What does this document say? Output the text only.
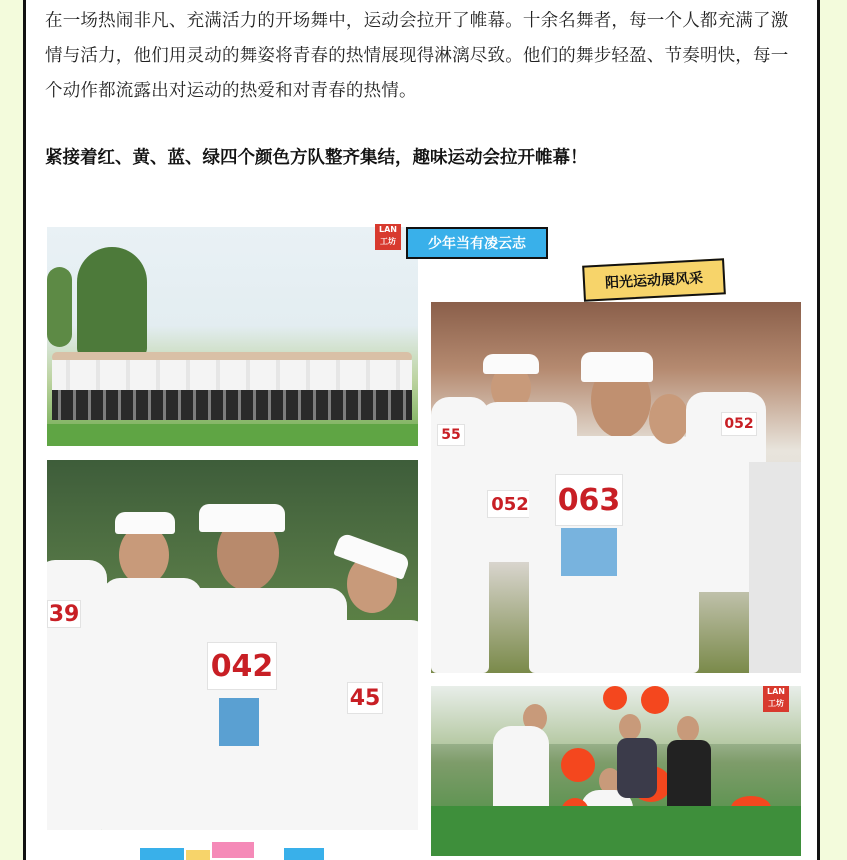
在一场热闹非凡、充满活力的开场舞中，运动会拉开了帷幕。十余名舞者，每一个人都充满了激情与活力，他们用灵动的舞姿将青春的热情展现得淋漓尽致。他们的舞步轻盈、节奏明快，每一个动作都流露出对运动的热爱和对青春的热情。

紧接着红、黄、蓝、绿四个颜色方队整齐集结，趣味运动会拉开帷幕！

LAN 工坊	少年当有凌云志
39
042
45
阳光运动展风采
55
052 063
052
LAN 工坊
